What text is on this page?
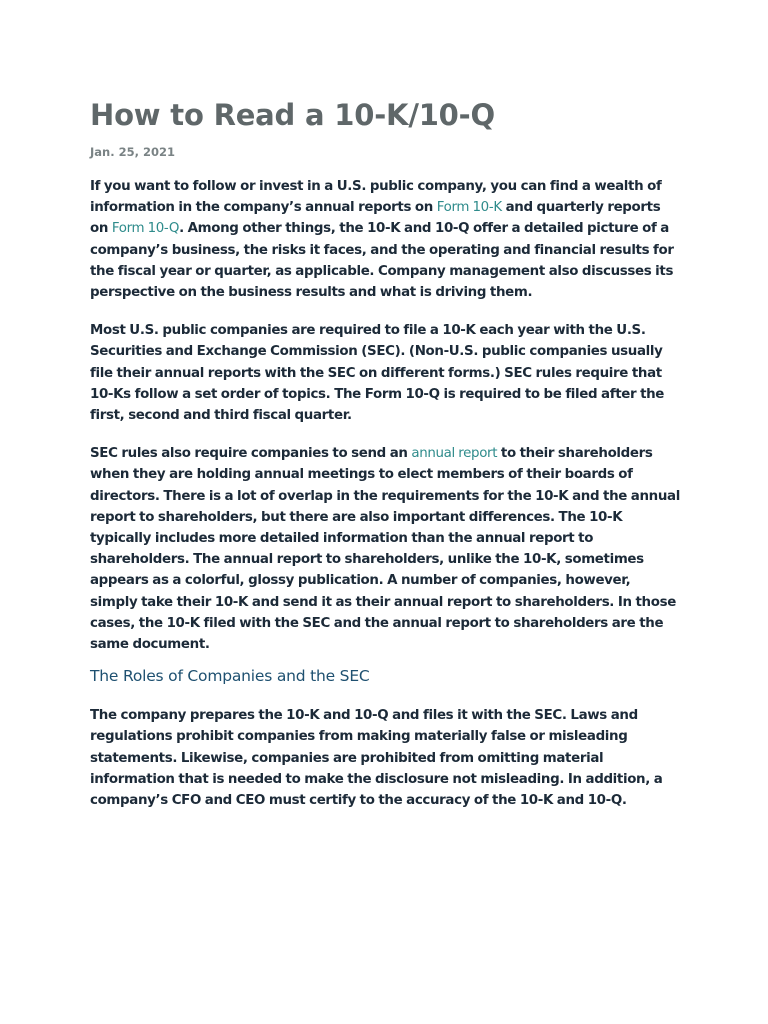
How to Read a 10-K/10-Q
Jan. 25, 2021

If you want to follow or invest in a U.S. public company, you can find a wealth of information in the company’s annual reports on Form 10-K and quarterly reports on Form 10-Q. Among other things, the 10-K and 10-Q offer a detailed picture of a company’s business, the risks it faces, and the operating and financial results for the fiscal year or quarter, as applicable. Company management also discusses its perspective on the business results and what is driving them.

Most U.S. public companies are required to file a 10-K each year with the U.S. Securities and Exchange Commission (SEC). (Non-U.S. public companies usually file their annual reports with the SEC on different forms.) SEC rules require that 10-Ks follow a set order of topics. The Form 10-Q is required to be filed after the first, second and third fiscal quarter.

SEC rules also require companies to send an annual report to their shareholders when they are holding annual meetings to elect members of their boards of directors. There is a lot of overlap in the requirements for the 10-K and the annual report to shareholders, but there are also important differences. The 10-K typically includes more detailed information than the annual report to shareholders. The annual report to shareholders, unlike the 10-K, sometimes appears as a colorful, glossy publication. A number of companies, however, simply take their 10-K and send it as their annual report to shareholders. In those cases, the 10-K filed with the SEC and the annual report to shareholders are the same document.

The Roles of Companies and the SEC

The company prepares the 10-K and 10-Q and files it with the SEC. Laws and regulations prohibit companies from making materially false or misleading statements. Likewise, companies are prohibited from omitting material information that is needed to make the disclosure not misleading. In addition, a company’s CFO and CEO must certify to the accuracy of the 10-K and 10-Q.
